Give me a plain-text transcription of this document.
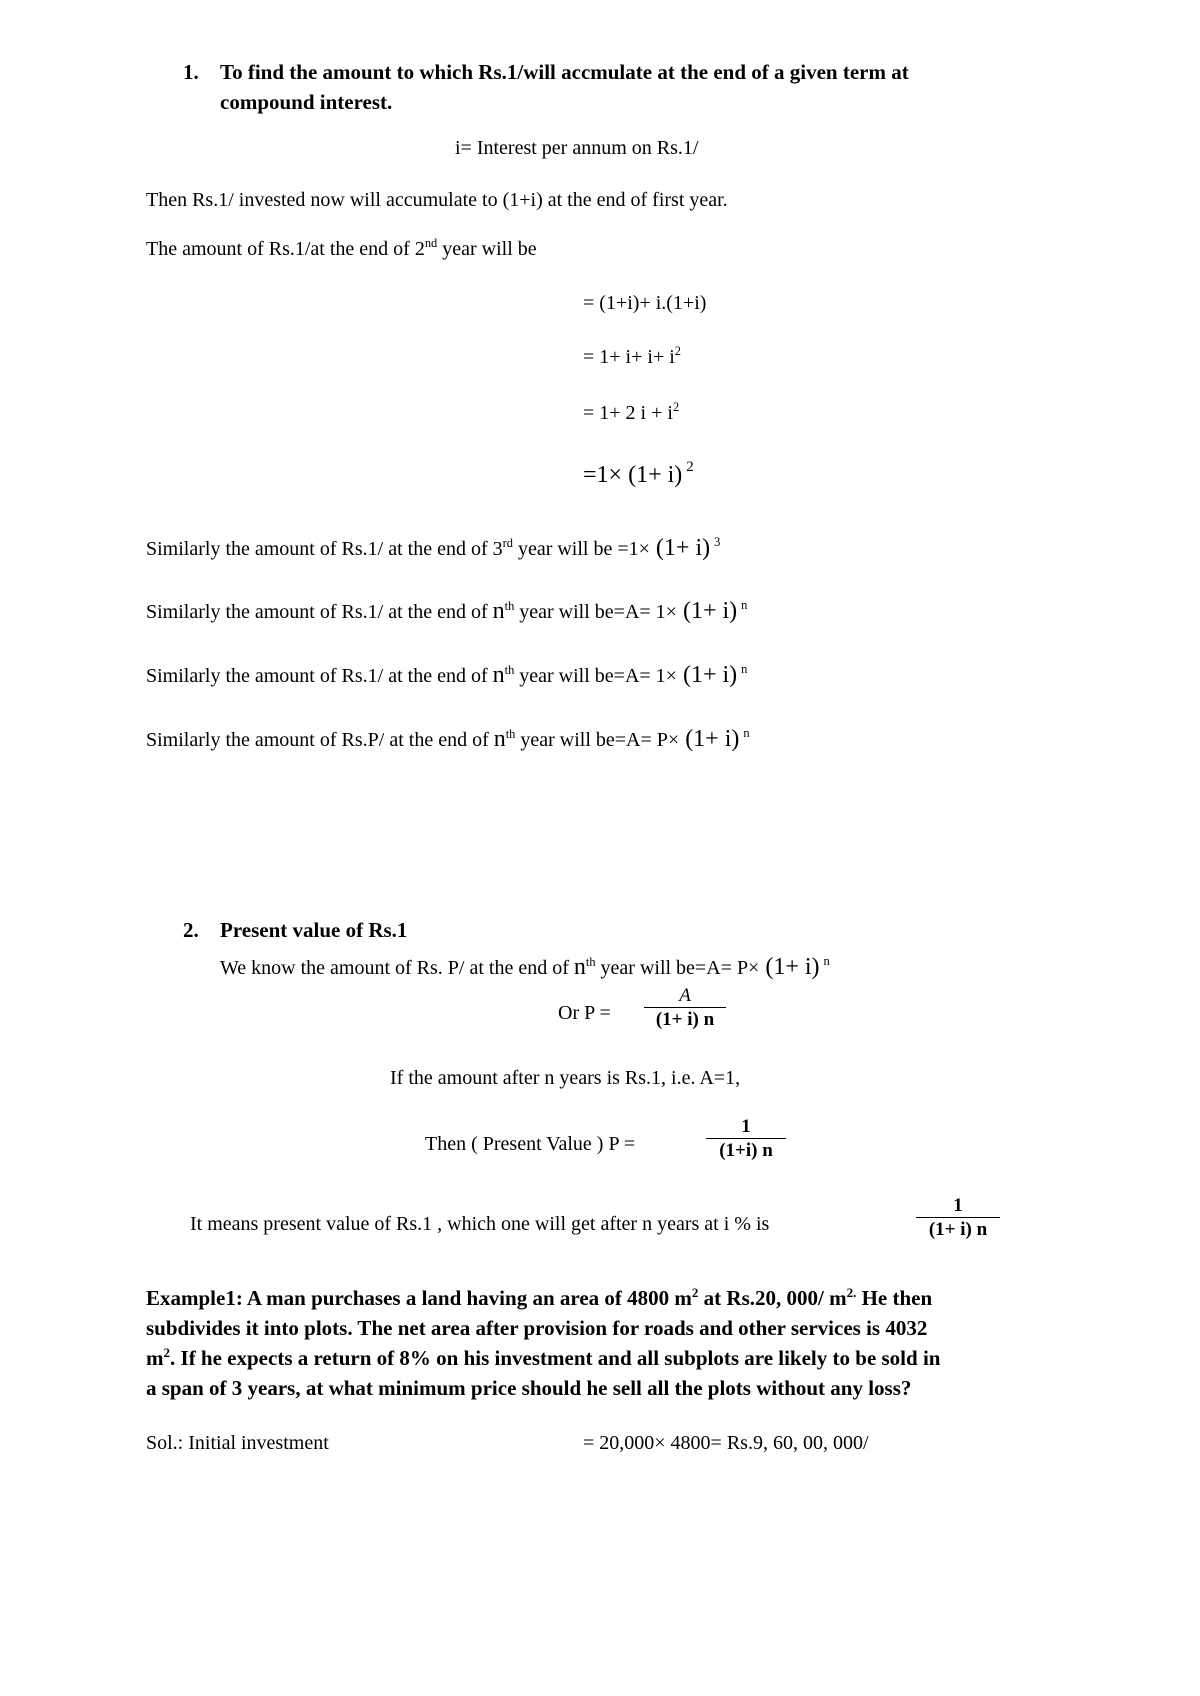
1. To find the amount to which Rs.1/will accmulate at the end of a given term at
compound interest.
i= Interest per annum on Rs.1/
Then Rs.1/ invested now will accumulate to (1+i) at the end of first year.
The amount of Rs.1/at the end of 2nd year will be
= (1+i)+ i.(1+i)
= $1+ i+ i+ i^2$
= 1+ 2 $i + i^2$
=1× (1+ i) $^2$
Similarly the amount of Rs.1/ at the end of 3rd year will be =1× (1+ i) $^3$
Similarly the amount of Rs.1/ at the end of $n^{th}$ year will be=A= 1× (1+ i) $^n$
Similarly the amount of Rs.1/ at the end of $n^{th}$ year will be=A= 1× (1+ i) $^n$
Similarly the amount of Rs.P/ at the end of $n^{th}$ year will be=A= P× (1+ i) $^n$
2. Present value of Rs.1
We know the amount of Rs. P/ at the end of $n^{th}$ year will be=A= P× (1+ i) $^n$
Or $P = \frac{A}{(1+ i) n}$
If the amount after n years is Rs.1, i.e. A=1,
Then ( Present Value ) P =	$\frac{1}{(1+i) n}$
It means present value of Rs.1 , which one will get after n years at i % is	$\frac{1}{(1+ i) n}$
Example1: A man purchases a land having an area of 4800 $m^2$ at Rs.20, 000/ $m^{2.}$ He then
subdivides it into plots. The net area after provision for roads and other services is 4032
$m^2$. If he expects a return of 8% on his investment and all subplots are likely to be sold in
a span of 3 years, at what minimum price should he sell all the plots without any loss?
Sol.: Initial investment	= 20,000× 4800= Rs.9, 60, 00, 000/
